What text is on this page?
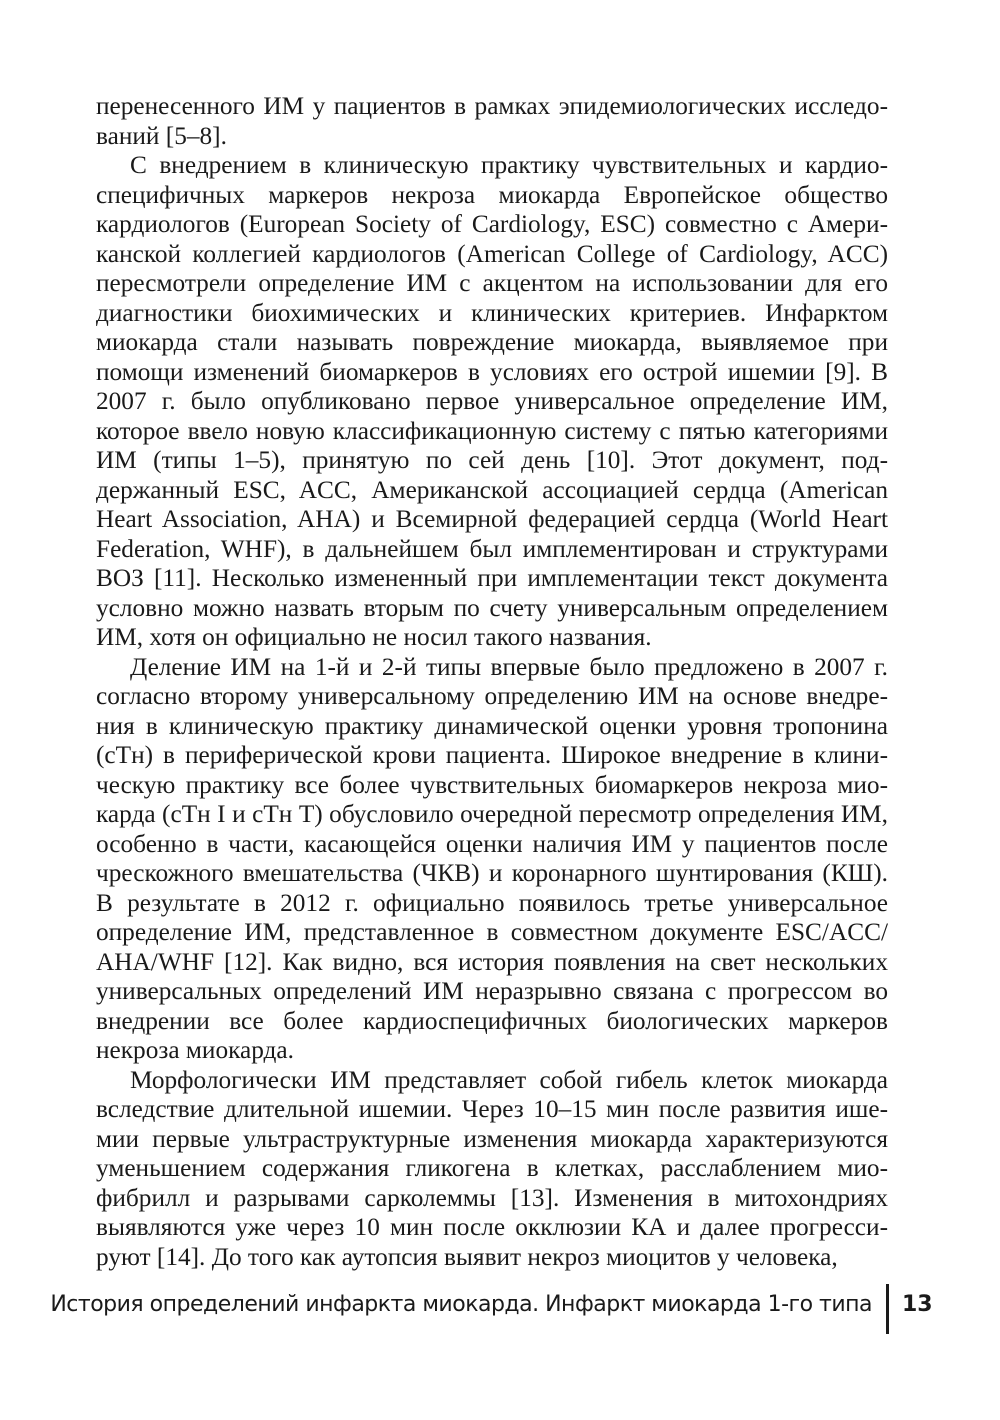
перенесенного ИМ у пациентов в рамках эпидемиологических исследований [5–8].

С внедрением в клиническую практику чувствительных и кардиоспецифичных маркеров некроза миокарда Европейское общество кардиологов (European Society of Cardiology, ESC) совместно с Американской коллегией кардиологов (American College of Cardiology, ACC) пересмотрели определение ИМ с акцентом на использовании для его диагностики биохимических и клинических критериев. Инфарктом миокарда стали называть повреждение миокарда, выявляемое при помощи изменений биомаркеров в условиях его острой ишемии [9]. В 2007 г. было опубликовано первое универсальное определение ИМ, которое ввело новую классификационную систему с пятью категориями ИМ (типы 1–5), принятую по сей день [10]. Этот документ, поддержанный ESC, ACC, Американской ассоциацией сердца (American Heart Association, AHA) и Всемирной федерацией сердца (World Heart Federation, WHF), в дальнейшем был имплементирован и структурами ВОЗ [11]. Несколько измененный при имплементации текст документа условно можно назвать вторым по счету универсальным определением ИМ, хотя он официально не носил такого названия.

Деление ИМ на 1-й и 2-й типы впервые было предложено в 2007 г. согласно второму универсальному определению ИМ на основе внедрения в клиническую практику динамической оценки уровня тропонина (cTн) в периферической крови пациента. Широкое внедрение в клиническую практику все более чувствительных биомаркеров некроза миокарда (cTн I и cTн T) обусловило очередной пересмотр определения ИМ, особенно в части, касающейся оценки наличия ИМ у пациентов после чрескожного вмешательства (ЧКВ) и коронарного шунтирования (КШ). В результате в 2012 г. официально появилось третье универсальное определение ИМ, представленное в совместном документе ESC/ACC/​AHA/WHF [12]. Как видно, вся история появления на свет нескольких универсальных определений ИМ неразрывно связана с прогрессом во внедрении все более кардиоспецифичных биологических маркеров некроза миокарда.

Морфологически ИМ представляет собой гибель клеток миокарда вследствие длительной ишемии. Через 10–15 мин после развития ишемии первые ультраструктурные изменения миокарда характеризуются уменьшением содержания гликогена в клетках, расслаблением миофибрилл и разрывами сарколеммы [13]. Изменения в митохондриях выявляются уже через 10 мин после окклюзии КА и далее прогрессируют [14]. До того как аутопсия выявит некроз миоцитов у человека,

История определений инфаркта миокарда. Инфаркт миокарда 1-го типа 13
